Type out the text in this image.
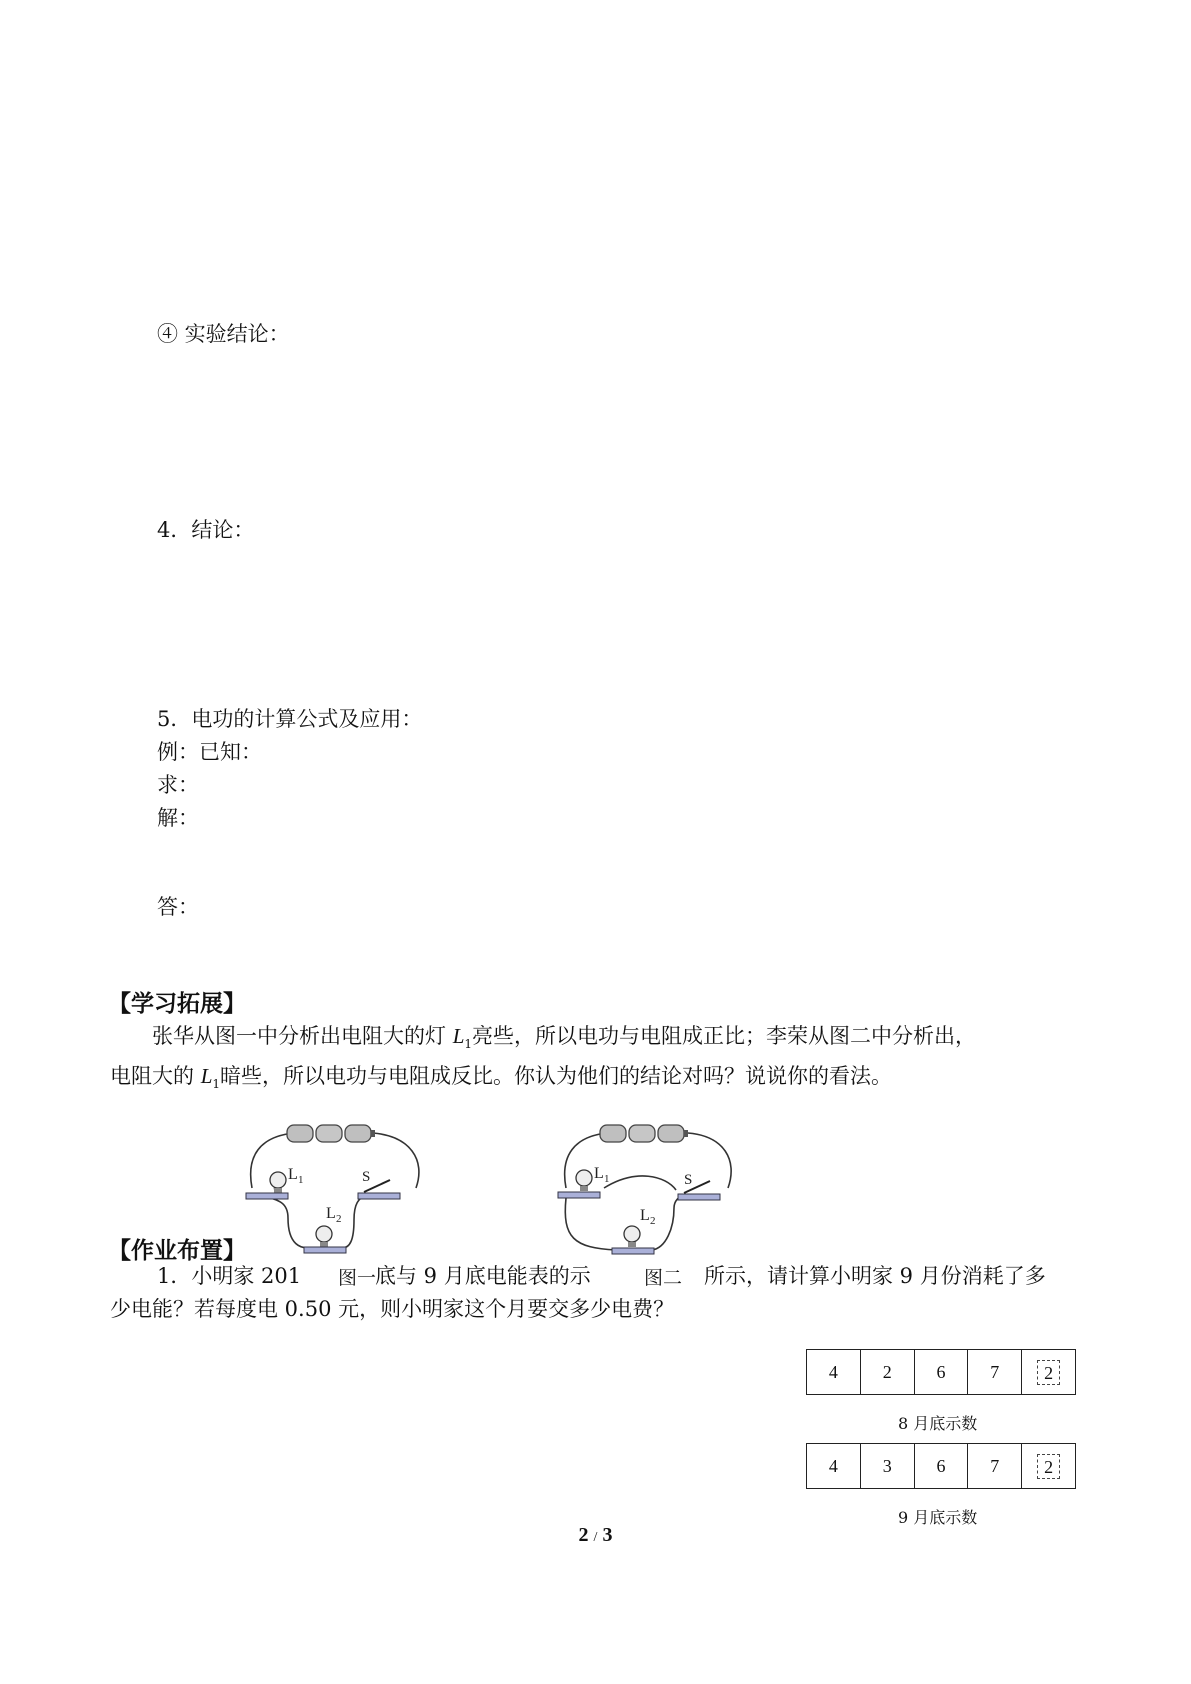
④ 实验结论：
4．结论：
5．电功的计算公式及应用：
例：已知：
求：
解：
答：
【学习拓展】

张华从图一中分析出电阻大的灯 $L_1$亮些，所以电功与电阻成正比；李荣从图二中分析出，

电阻大的 $L_1$暗些，所以电功与电阻成反比。你认为他们的结论对吗？说说你的看法。

L 1	S
L 2
图一
L 1	S
L 2
图二
【作业布置】
1．小明家 201	底与 9 月底电能表的示	所示，请计算小明家 9 月份消耗了多
少电能？若每度电 0.50 元，则小明家这个月要交多少电费？
4	2	6	7	2
8 月底示数
4	3	6	7	2
9 月底示数
2 / 3
